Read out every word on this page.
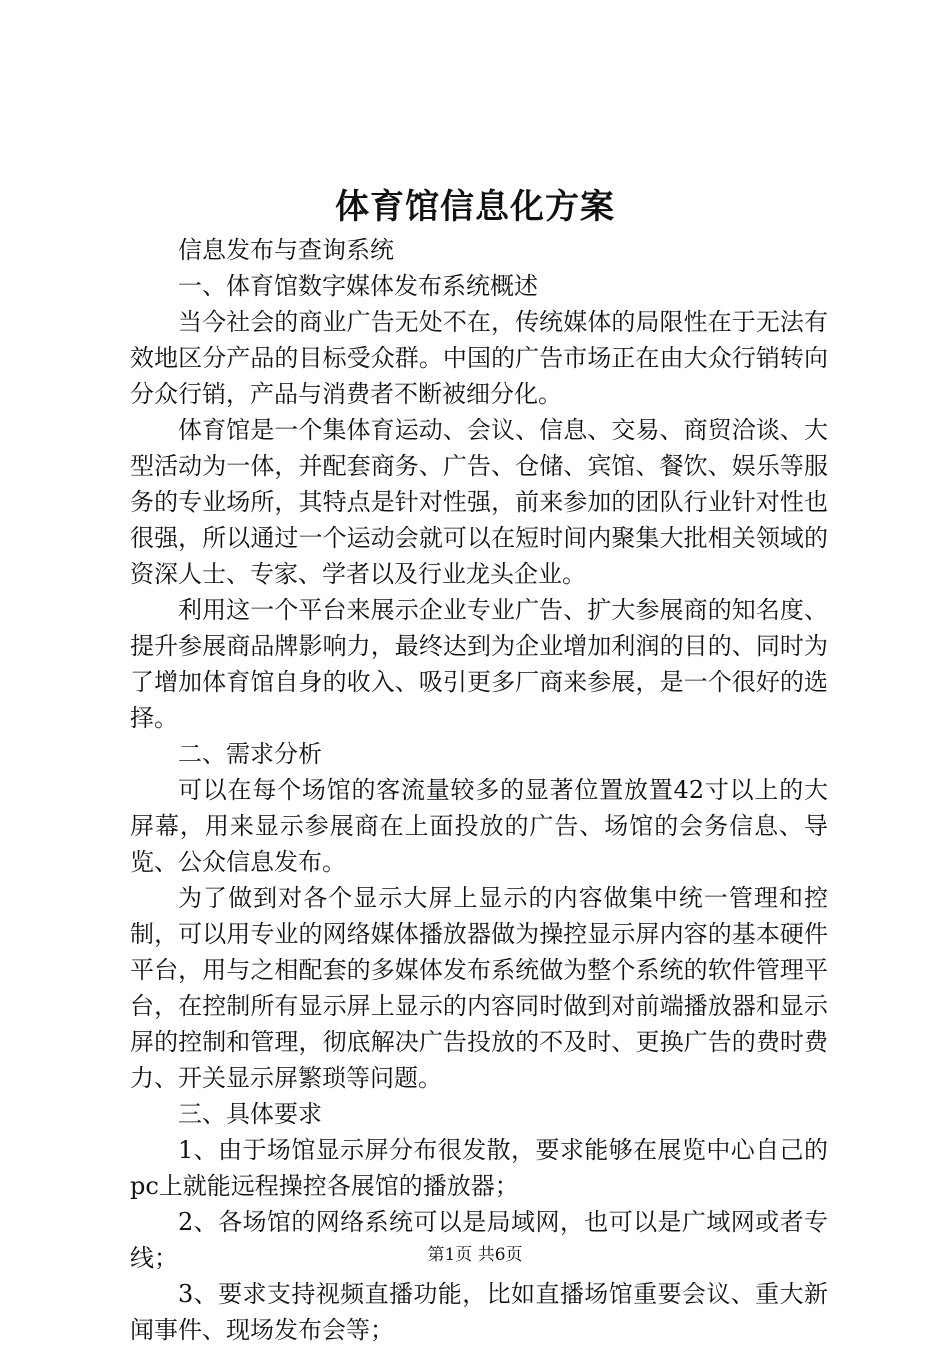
体育馆信息化方案

信息发布与查询系统

一、体育馆数字媒体发布系统概述

当今社会的商业广告无处不在，传统媒体的局限性在于无法有效地区分产品的目标受众群。中国的广告市场正在由大众行销转向分众行销，产品与消费者不断被细分化。

体育馆是一个集体育运动、会议、信息、交易、商贸洽谈、大型活动为一体，并配套商务、广告、仓储、宾馆、餐饮、娱乐等服务的专业场所，其特点是针对性强，前来参加的团队行业针对性也很强，所以通过一个运动会就可以在短时间内聚集大批相关领域的资深人士、专家、学者以及行业龙头企业。

利用这一个平台来展示企业专业广告、扩大参展商的知名度、提升参展商品牌影响力，最终达到为企业增加利润的目的、同时为了增加体育馆自身的收入、吸引更多厂商来参展，是一个很好的选择。

二、需求分析

可以在每个场馆的客流量较多的显著位置放置42寸以上的大屏幕，用来显示参展商在上面投放的广告、场馆的会务信息、导览、公众信息发布。

为了做到对各个显示大屏上显示的内容做集中统一管理和控制，可以用专业的网络媒体播放器做为操控显示屏内容的基本硬件平台，用与之相配套的多媒体发布系统做为整个系统的软件管理平台，在控制所有显示屏上显示的内容同时做到对前端播放器和显示屏的控制和管理，彻底解决广告投放的不及时、更换广告的费时费力、开关显示屏繁琐等问题。

三、具体要求

1、由于场馆显示屏分布很发散，要求能够在展览中心自己的pc上就能远程操控各展馆的播放器；

2、各场馆的网络系统可以是局域网，也可以是广域网或者专线；

3、要求支持视频直播功能，比如直播场馆重要会议、重大新闻事件、现场发布会等；

第1页 共6页
